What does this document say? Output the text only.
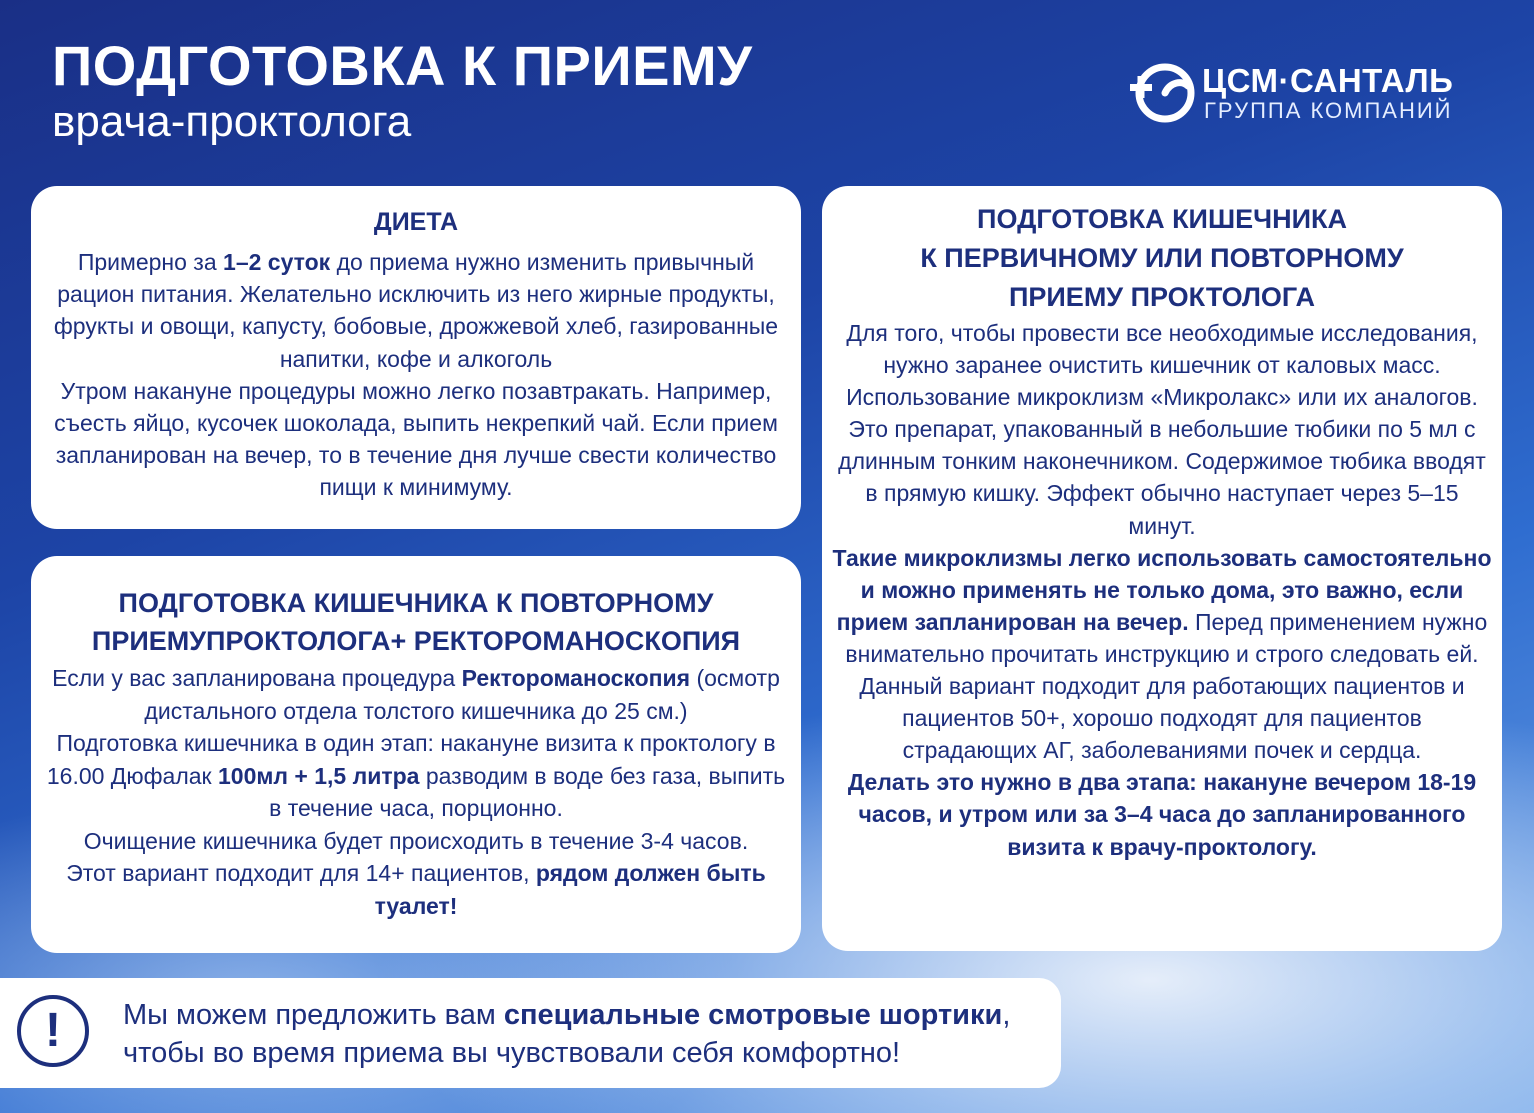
ПОДГОТОВКА К ПРИЕМУ
врача-проктолога
ЦСМ·САНТАЛЬ
ГРУППА КОМПАНИЙ
ДИЕТА

Примерно за 1–2 суток до приема нужно изменить привычный рацион питания. Желательно исключить из него жирные продукты, фрукты и овощи, капусту, бобовые, дрожжевой хлеб, газированные напитки, кофе и алкоголь

Утром накануне процедуры можно легко позавтракать. Например, съесть яйцо, кусочек шоколада, выпить некрепкий чай. Если прием запланирован на вечер, то в течение дня лучше свести количество пищи к минимуму.

ПОДГОТОВКА КИШЕЧНИКА К ПОВТОРНОМУ
ПРИЕМУПРОКТОЛОГА+ РЕКТОРОМАНОСКОПИЯ

Если у вас запланирована процедура Ректороманоскопия (осмотр дистального отдела толстого кишечника до 25 см.)

Подготовка кишечника в один этап: накануне визита к проктологу в 16.00 Дюфалак 100мл + 1,5 литра разводим в воде без газа, выпить в течение часа, порционно.

Очищение кишечника будет происходить в течение 3-4 часов.

Этот вариант подходит для 14+ пациентов, рядом должен быть туалет!

ПОДГОТОВКА КИШЕЧНИКА
К ПЕРВИЧНОМУ ИЛИ ПОВТОРНОМУ
ПРИЕМУ ПРОКТОЛОГА

Для того, чтобы провести все необходимые исследования, нужно заранее очистить кишечник от каловых масс.

Использование микроклизм «Микролакс» или их аналогов. Это препарат, упакованный в небольшие тюбики по 5 мл с длинным тонким наконечником. Содержимое тюбика вводят в прямую кишку. Эффект обычно наступает через 5–15 минут.

Такие микроклизмы легко использовать самостоятельно и можно применять не только дома, это важно, если прием запланирован на вечер. Перед применением нужно внимательно прочитать инструкцию и строго следовать ей. Данный вариант подходит для работающих пациентов и пациентов 50+, хорошо подходят для пациентов страдающих АГ, заболеваниями почек и сердца.

Делать это нужно в два этапа: накануне вечером 18-19 часов, и утром или за 3–4 часа до запланированного визита к врачу-проктологу.

!	Мы можем предложить вам специальные смотровые шортики,
чтобы во время приема вы чувствовали себя комфортно!
